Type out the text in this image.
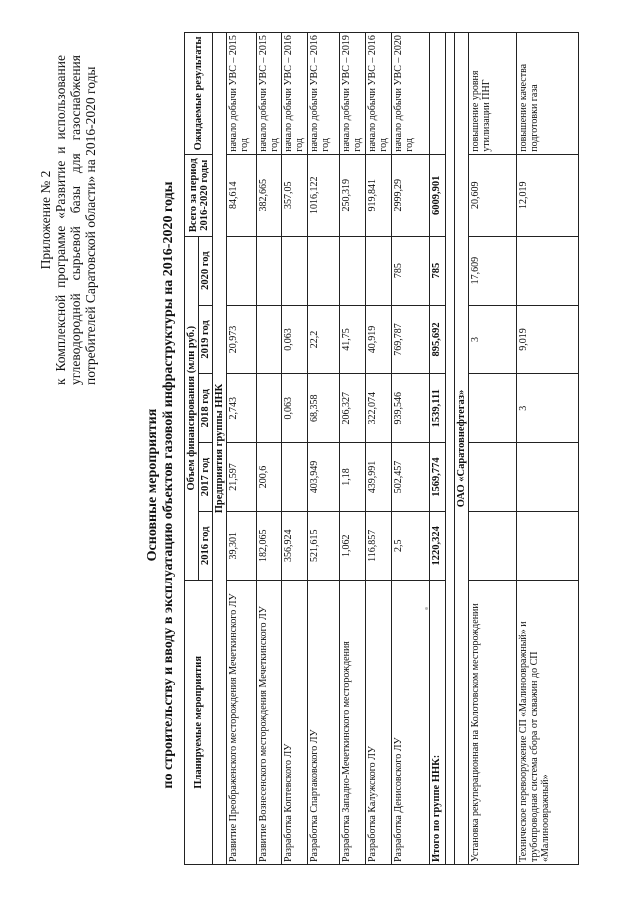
Приложение № 2 к Комплексной программе «Развитие и использование углеводородной сырьевой базы для газоснабжения потребителей Саратовской области» на 2016-2020 годы
Основные мероприятия по строительству и вводу в эксплуатацию объектов газовой инфраструктуры на 2016-2020 годы Планируемые мероприятия	Объем финансирования (млн руб.)					Всего за период 2016-2020 годы	Ожидаемые результаты
	2016 год	2017 год	2018 год	2019 год	2020 год		
Предприятия группы ННК							
Развитие Преображенского месторождения Мечеткинского ЛУ	39,301	21,597	2,743	20,973		84,614	начало добычи УВС – 2015 год
Развитие Вознесенского месторождения Мечеткинского ЛУ	182,065	200,6				382,665	начало добычи УВС – 2015 год
Разработка Коптевского ЛУ	356,924		0,063	0,063		357,05	начало добычи УВС – 2016 год
Разработка Спартаковского ЛУ	521,615	403,949	68,358	22,2		1016,122	начало добычи УВС – 2016 год
Разработка Западно-Мечеткинского месторождения	1,062	1,18	206,327	41,75		250,319	начало добычи УВС – 2019 год
Разработка Калужского ЛУ	116,857	439,991	322,074	40,919		919,841	начало добычи УВС – 2016 год
Разработка Денисовского ЛУ	2,5	502,457	939,546	769,787	785	2999,29	начало добычи УВС – 2020 год
Итого по группе ННК:	1220,324	1569,774	1539,111	895,692	785	6009,901	

ОАО «Саратовнефтегаз»							
Установка рекуперационная на Колотовском месторождении				3	17,609	20,609	повышение уровня утилизации ПНГ
Техническое перевооружение СП «Малиноовражный» и трубопроводная система сбора от скважин до СП «Малиноовражный»			3	9,019		12,019	повышение качества подготовки газа
